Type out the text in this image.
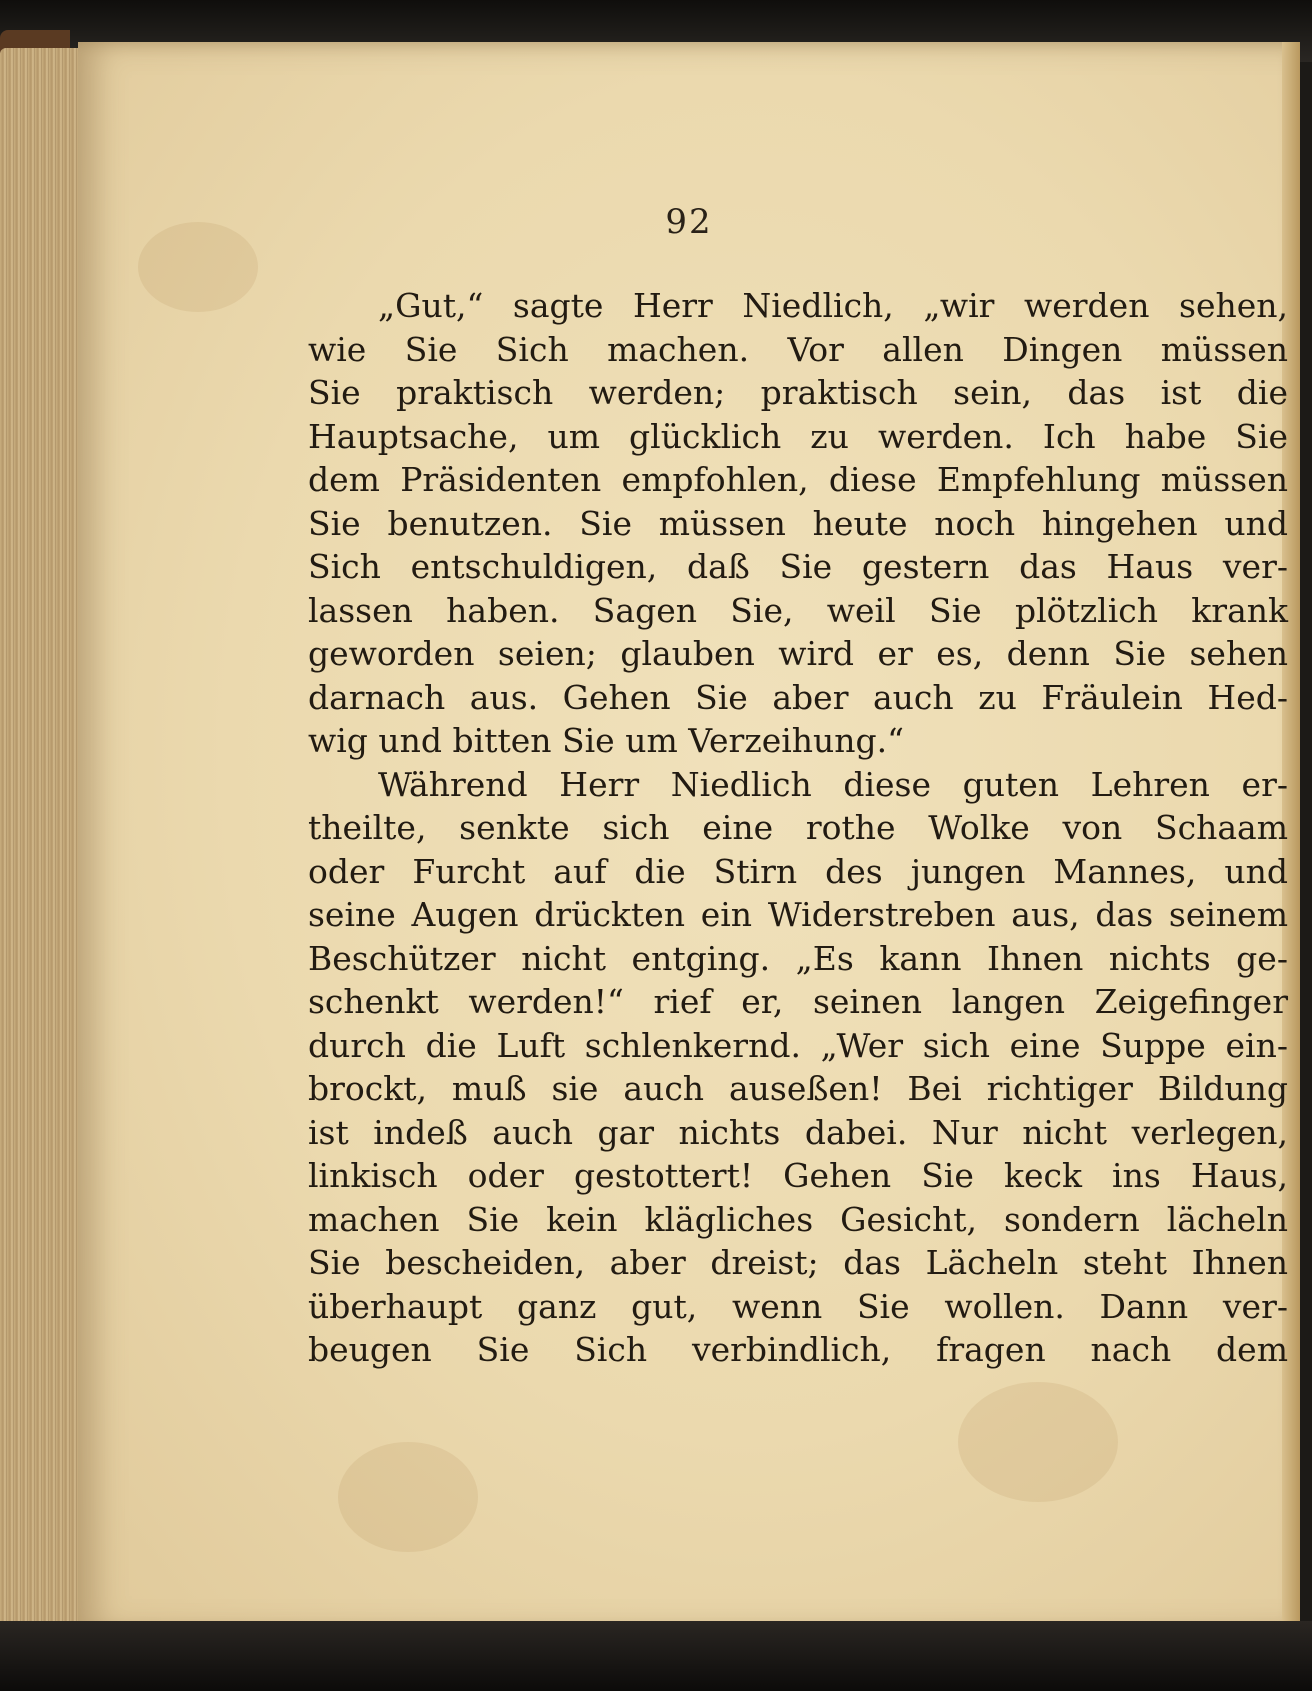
92
„Gut,“ sagte Herr Niedlich, „wir werden sehen,
wie Sie Sich machen. Vor allen Dingen müssen
Sie praktisch werden; praktisch sein, das ist die
Hauptsache, um glücklich zu werden. Ich habe Sie
dem Präsidenten empfohlen, diese Empfehlung müssen
Sie benutzen. Sie müssen heute noch hingehen und
Sich entschuldigen, daß Sie gestern das Haus ver-
lassen haben. Sagen Sie, weil Sie plötzlich krank
geworden seien; glauben wird er es, denn Sie sehen
darnach aus. Gehen Sie aber auch zu Fräulein Hed-
wig und bitten Sie um Verzeihung.“
Während Herr Niedlich diese guten Lehren er-
theilte, senkte sich eine rothe Wolke von Schaam
oder Furcht auf die Stirn des jungen Mannes, und
seine Augen drückten ein Widerstreben aus, das seinem
Beschützer nicht entging. „Es kann Ihnen nichts ge-
schenkt werden!“ rief er, seinen langen Zeigefinger
durch die Luft schlenkernd. „Wer sich eine Suppe ein-
brockt, muß sie auch auseßen! Bei richtiger Bildung
ist indeß auch gar nichts dabei. Nur nicht verlegen,
linkisch oder gestottert! Gehen Sie keck ins Haus,
machen Sie kein klägliches Gesicht, sondern lächeln
Sie bescheiden, aber dreist; das Lächeln steht Ihnen
überhaupt ganz gut, wenn Sie wollen. Dann ver-
beugen Sie Sich verbindlich, fragen nach dem
